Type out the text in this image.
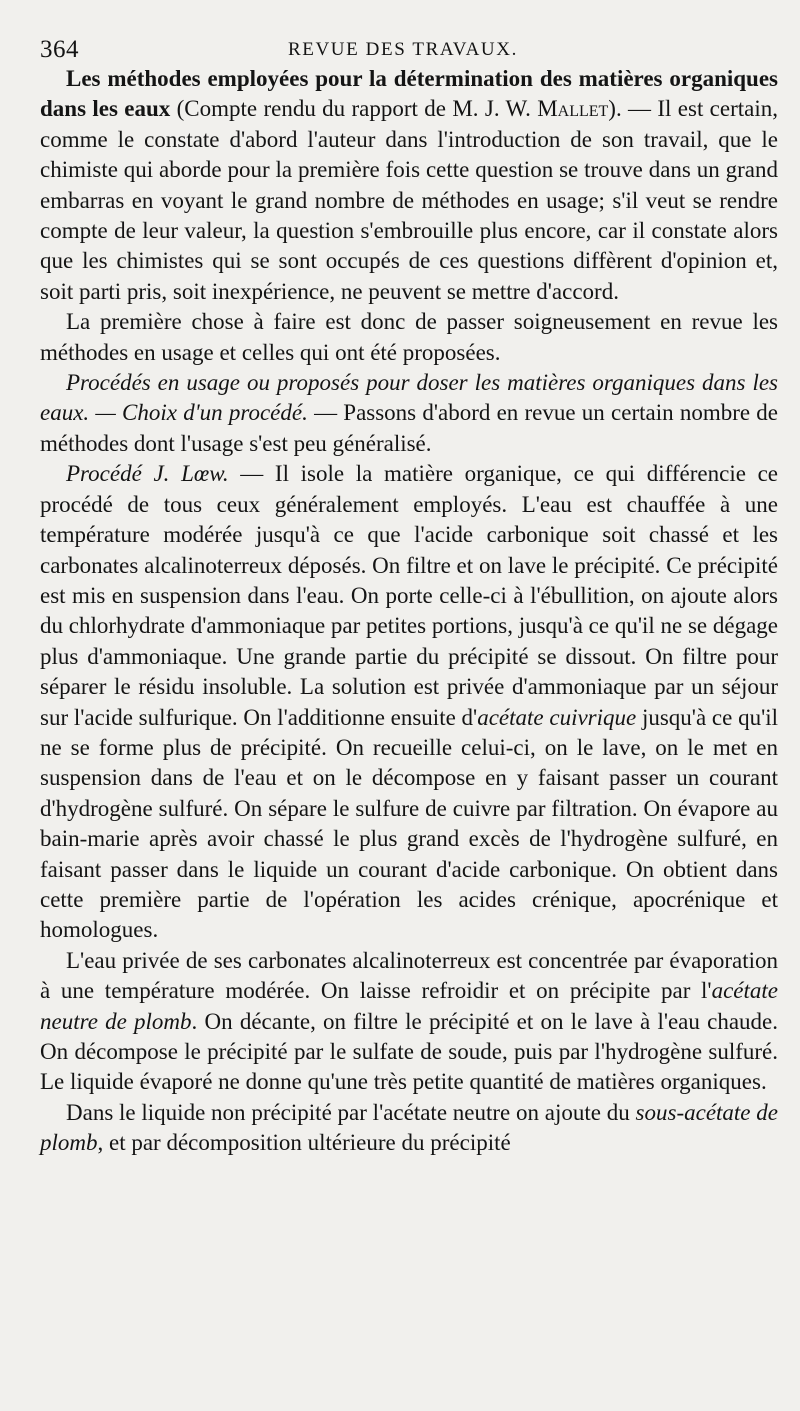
364	REVUE DES TRAVAUX.

Les méthodes employées pour la détermination des matières organiques dans les eaux (Compte rendu du rapport de M. J. W. Mallet). — Il est certain, comme le constate d'abord l'auteur dans l'introduction de son travail, que le chimiste qui aborde pour la première fois cette question se trouve dans un grand embarras en voyant le grand nombre de méthodes en usage; s'il veut se rendre compte de leur valeur, la question s'embrouille plus encore, car il constate alors que les chimistes qui se sont occupés de ces questions diffèrent d'opinion et, soit parti pris, soit inexpérience, ne peuvent se mettre d'accord.

La première chose à faire est donc de passer soigneusement en revue les méthodes en usage et celles qui ont été proposées.

Procédés en usage ou proposés pour doser les matières organiques dans les eaux. — Choix d'un procédé. — Passons d'abord en revue un certain nombre de méthodes dont l'usage s'est peu généralisé.

Procédé J. Lœw. — Il isole la matière organique, ce qui différencie ce procédé de tous ceux généralement employés. L'eau est chauffée à une température modérée jusqu'à ce que l'acide carbonique soit chassé et les carbonates alcalinoterreux déposés. On filtre et on lave le précipité. Ce précipité est mis en suspension dans l'eau. On porte celle-ci à l'ébullition, on ajoute alors du chlorhydrate d'ammoniaque par petites portions, jusqu'à ce qu'il ne se dégage plus d'ammoniaque. Une grande partie du précipité se dissout. On filtre pour séparer le résidu insoluble. La solution est privée d'ammoniaque par un séjour sur l'acide sulfurique. On l'additionne ensuite d'acétate cuivrique jusqu'à ce qu'il ne se forme plus de précipité. On recueille celui-ci, on le lave, on le met en suspension dans de l'eau et on le décompose en y faisant passer un courant d'hydrogène sulfuré. On sépare le sulfure de cuivre par filtration. On évapore au bain-marie après avoir chassé le plus grand excès de l'hydrogène sulfuré, en faisant passer dans le liquide un courant d'acide carbonique. On obtient dans cette première partie de l'opération les acides crénique, apocrénique et homologues.

L'eau privée de ses carbonates alcalinoterreux est concentrée par évaporation à une température modérée. On laisse refroidir et on précipite par l'acétate neutre de plomb. On décante, on filtre le précipité et on le lave à l'eau chaude. On décompose le précipité par le sulfate de soude, puis par l'hydrogène sulfuré. Le liquide évaporé ne donne qu'une très petite quantité de matières organiques.

Dans le liquide non précipité par l'acétate neutre on ajoute du sous-acétate de plomb, et par décomposition ultérieure du précipité
